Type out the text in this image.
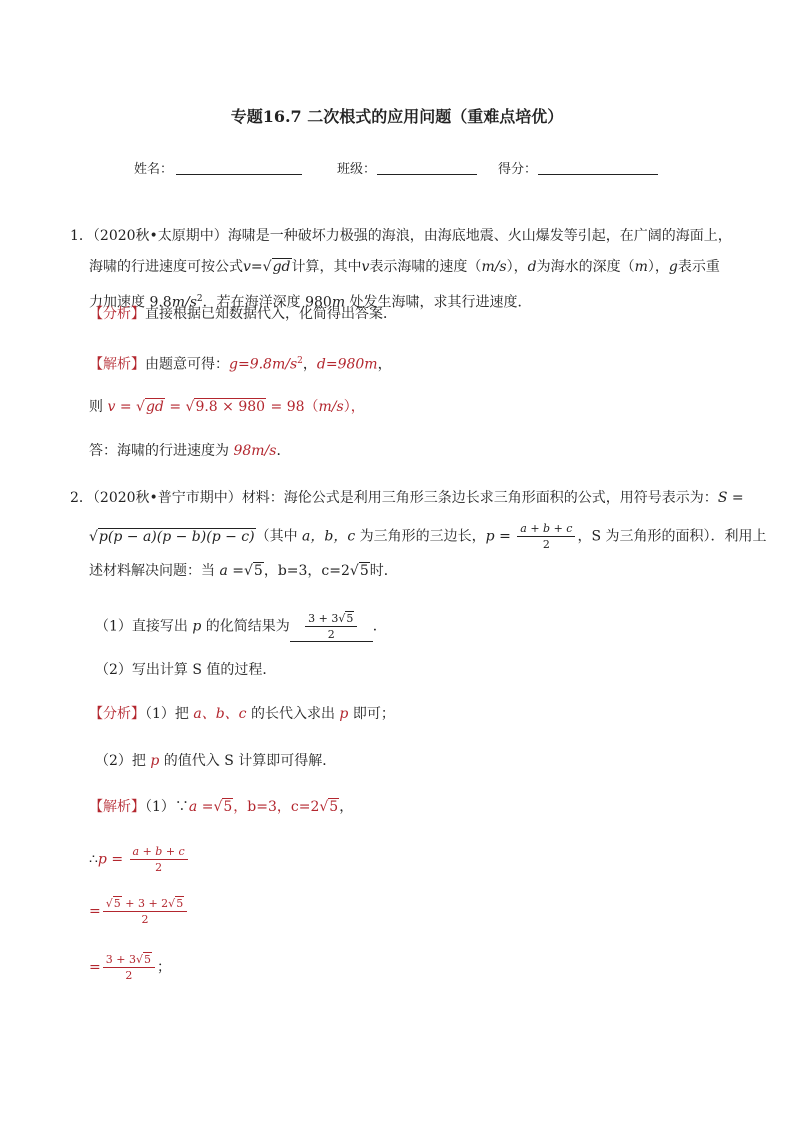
专题16.7 二次根式的应用问题（重难点培优）
姓名：	班级：	得分：
1．（2020秋•太原期中）海啸是一种破坏力极强的海浪，由海底地震、火山爆发等引起，在广阔的海面上，
海啸的行进速度可按公式v=√gd计算，其中v表示海啸的速度（m/s），d为海水的深度（m），g表示重
力加速度 $9.8m/s^2$．若在海洋深度 980m 处发生海啸，求其行进速度．
【分析】直接根据已知数据代入，化简得出答案．
【解析】由题意可得：$g=9.8m/s^2$，d=980m，
则 v = √gd = √9.8 × 980 = 98（m/s），
答：海啸的行进速度为 98m/s．
2．（2020秋•普宁市期中）材料：海伦公式是利用三角形三条边长求三角形面积的公式，用符号表示为：S =
√p(p − a)(p − b)(p − c)（其中 a，b，c 为三角形的三边长，$p = \frac{a + b + c}{2}$ ，S 为三角形的面积）．利用上
述材料解决问题：当 a =√5，b=3，c=2√5时．
（1）直接写出 p 的化简结果为 $\frac{3 + 3√5}{2}$ ．
（2）写出计算 S 值的过程．
【分析】（1）把 a、b、c 的长代入求出 p 即可；
（2）把 p 的值代入 S 计算即可得解．
【解析】（1）∵a =√5，b=3，c=2√5，
∴p = $\frac{a + b + c}{2}$
= $\frac{√5 + 3 + 2√5}{2}$
= $\frac{3 + 3√5}{2}$ ；
